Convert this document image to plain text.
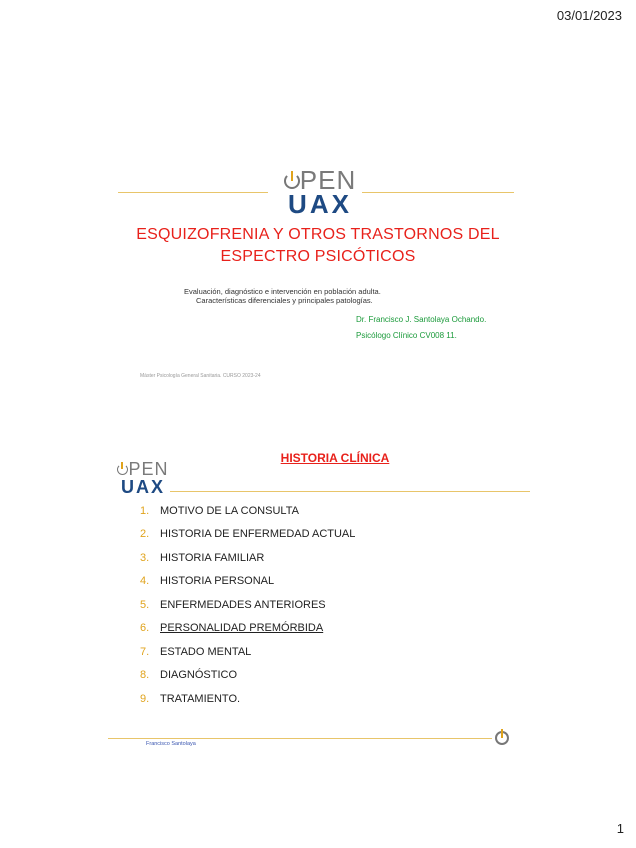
03/01/2023
PEN
UAX
ESQUIZOFRENIA Y OTROS TRASTORNOS DEL
ESPECTRO PSICÓTICOS
Evaluación, diagnóstico e intervención en población adulta.
Características diferenciales y principales patologías.
Dr. Francisco J. Santolaya Ochando.
Psicólogo Clínico CV008 11.
Máster Psicología General Sanitaria. CURSO 2023-24
PEN
UAX
HISTORIA CLÍNICA
1. MOTIVO DE LA CONSULTA
2. HISTORIA DE ENFERMEDAD ACTUAL
3. HISTORIA FAMILIAR
4. HISTORIA PERSONAL
5. ENFERMEDADES ANTERIORES
6. PERSONALIDAD PREMÓRBIDA
7. ESTADO MENTAL
8. DIAGNÓSTICO
9. TRATAMIENTO.
Francisco Santolaya
1
